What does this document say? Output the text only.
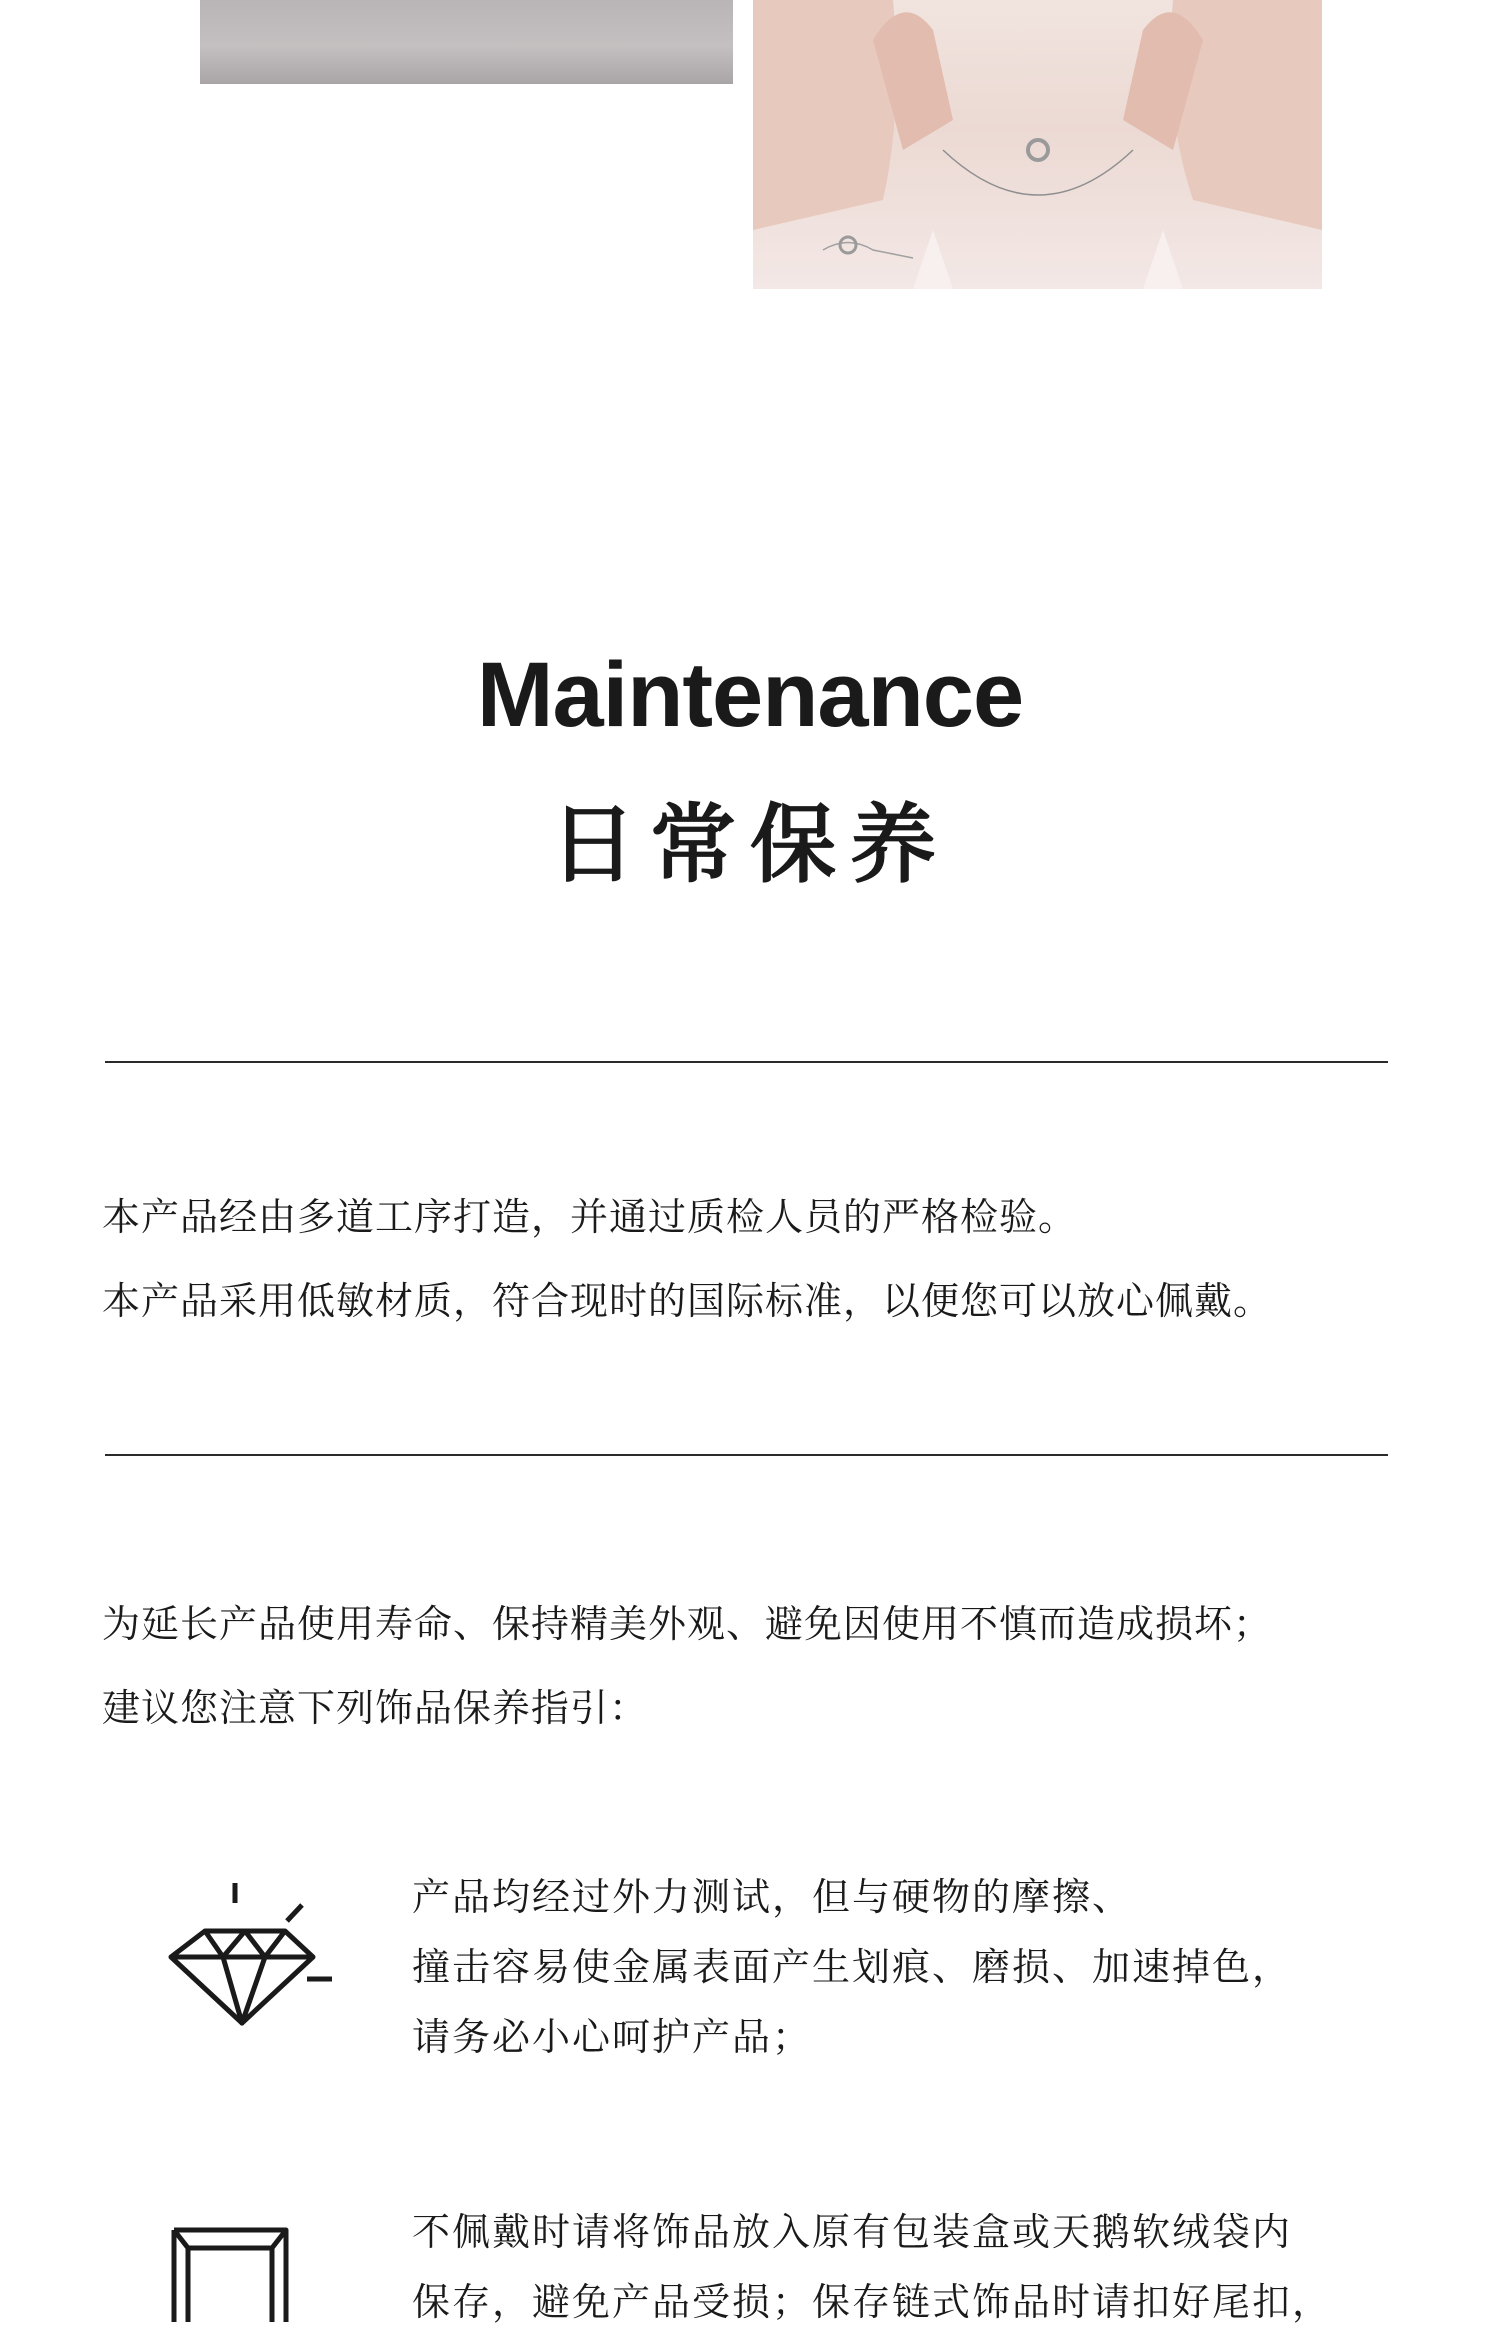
Maintenance
日常保养
本产品经由多道工序打造，并通过质检人员的严格检验。
本产品采用低敏材质，符合现时的国际标准，以便您可以放心佩戴。
为延长产品使用寿命、保持精美外观、避免因使用不慎而造成损坏；
建议您注意下列饰品保养指引：
产品均经过外力测试，但与硬物的摩擦、
撞击容易使金属表面产生划痕、磨损、加速掉色，
请务必小心呵护产品；
不佩戴时请将饰品放入原有包装盒或天鹅软绒袋内
保存，避免产品受损；保存链式饰品时请扣好尾扣，
